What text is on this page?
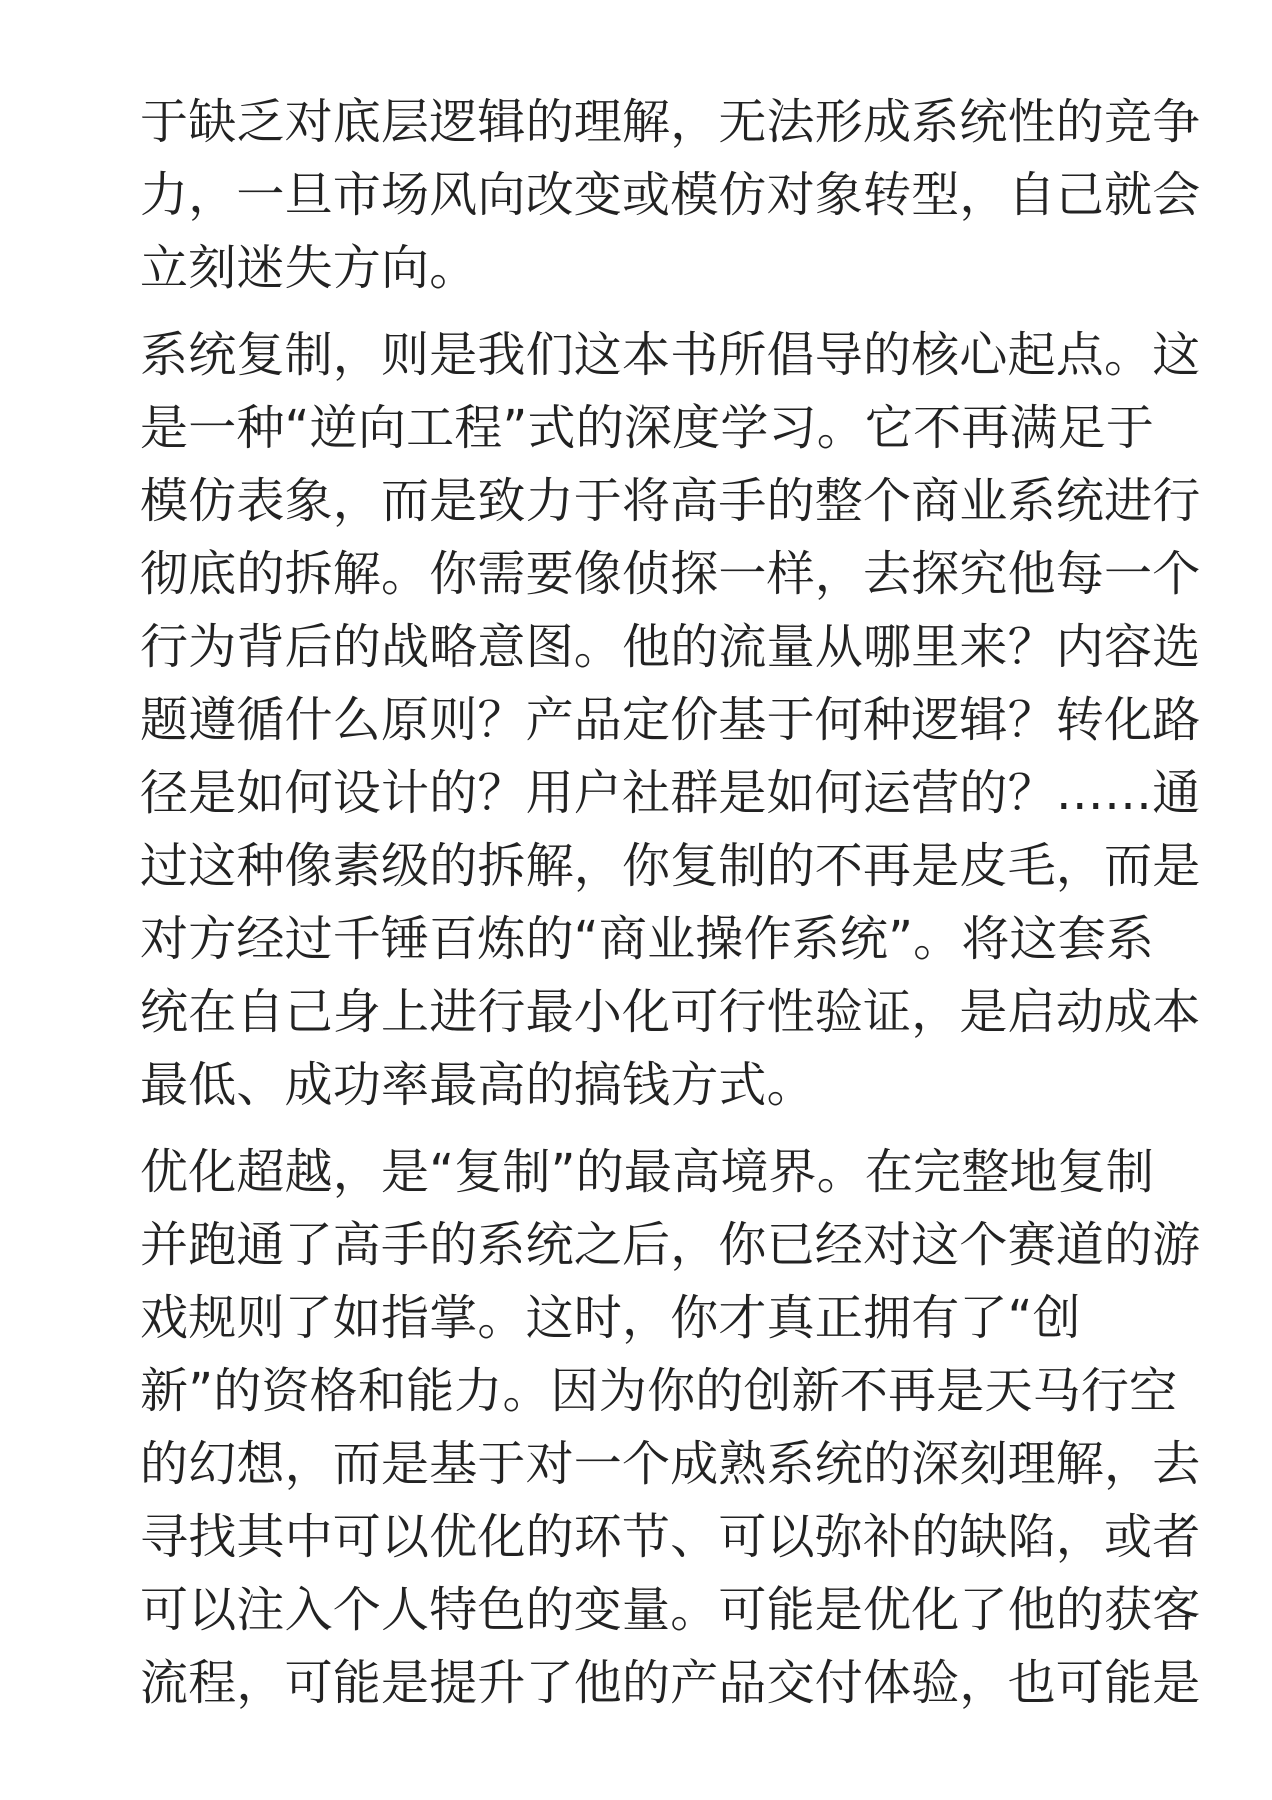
于缺乏对底层逻辑的理解，无法形成系统性的竞争
力，一旦市场风向改变或模仿对象转型，自己就会
立刻迷失方向。
系统复制，则是我们这本书所倡导的核心起点。这
是一种“逆向工程”式的深度学习。它不再满足于
模仿表象，而是致力于将高手的整个商业系统进行
彻底的拆解。你需要像侦探一样，去探究他每一个
行为背后的战略意图。他的流量从哪里来？内容选
题遵循什么原则？产品定价基于何种逻辑？转化路
径是如何设计的？用户社群是如何运营的？……通
过这种像素级的拆解，你复制的不再是皮毛，而是
对方经过千锤百炼的“商业操作系统”。将这套系
统在自己身上进行最小化可行性验证，是启动成本
最低、成功率最高的搞钱方式。
优化超越，是“复制”的最高境界。在完整地复制
并跑通了高手的系统之后，你已经对这个赛道的游
戏规则了如指掌。这时，你才真正拥有了“创
新”的资格和能力。因为你的创新不再是天马行空
的幻想，而是基于对一个成熟系统的深刻理解，去
寻找其中可以优化的环节、可以弥补的缺陷，或者
可以注入个人特色的变量。可能是优化了他的获客
流程，可能是提升了他的产品交付体验，也可能是
